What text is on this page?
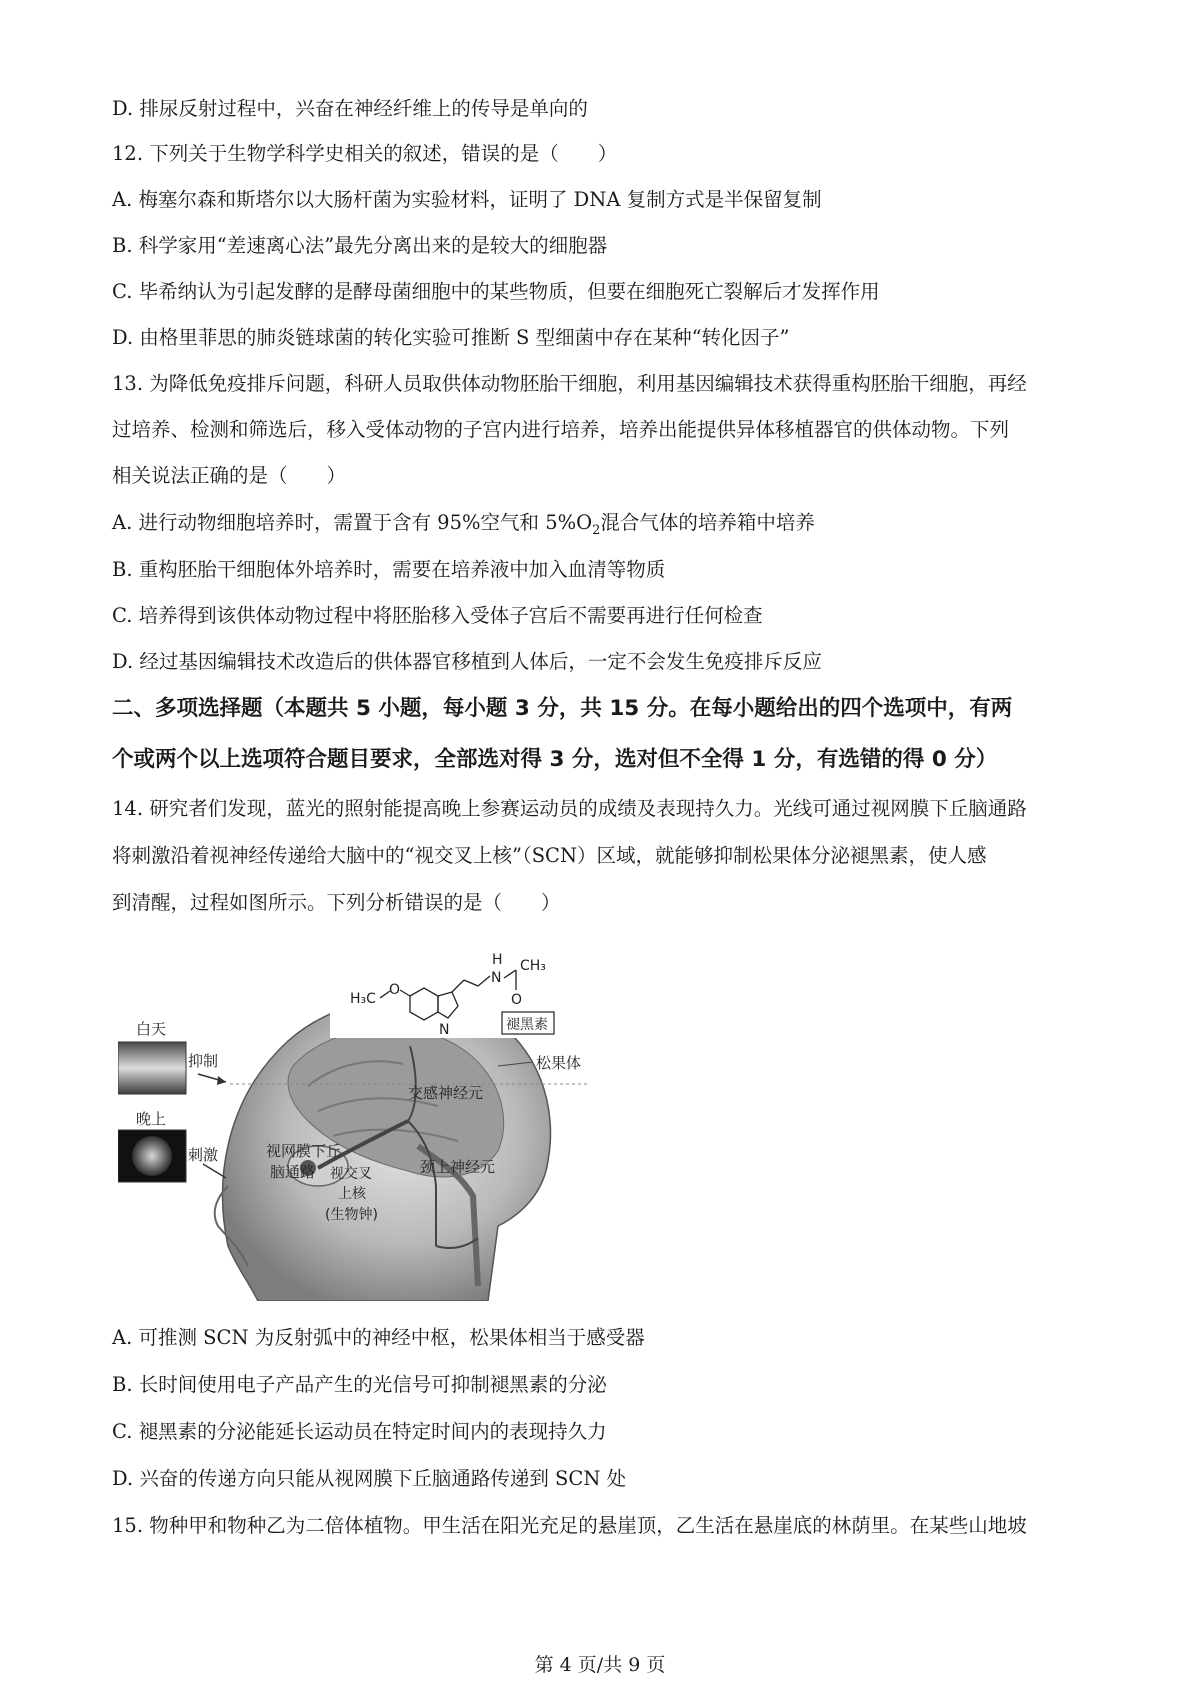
D. 排尿反射过程中，兴奋在神经纤维上的传导是单向的
12. 下列关于生物学科学史相关的叙述，错误的是（　　）
A. 梅塞尔森和斯塔尔以大肠杆菌为实验材料，证明了 DNA 复制方式是半保留复制
B. 科学家用“差速离心法”最先分离出来的是较大的细胞器
C. 毕希纳认为引起发酵的是酵母菌细胞中的某些物质，但要在细胞死亡裂解后才发挥作用
D. 由格里菲思的肺炎链球菌的转化实验可推断 S 型细菌中存在某种“转化因子”
13. 为降低免疫排斥问题，科研人员取供体动物胚胎干细胞，利用基因编辑技术获得重构胚胎干细胞，再经
过培养、检测和筛选后，移入受体动物的子宫内进行培养，培养出能提供异体移植器官的供体动物。下列
相关说法正确的是（　　）
A. 进行动物细胞培养时，需置于含有 95%空气和 $5\%O_2$混合气体的培养箱中培养
B. 重构胚胎干细胞体外培养时，需要在培养液中加入血清等物质
C. 培养得到该供体动物过程中将胚胎移入受体子宫后不需要再进行任何检查
D. 经过基因编辑技术改造后的供体器官移植到人体后，一定不会发生免疫排斥反应
二、多项选择题（本题共 5 小题，每小题 3 分，共 15 分。在每小题给出的四个选项中，有两
个或两个以上选项符合题目要求，全部选对得 3 分，选对但不全得 1 分，有选错的得 0 分）
14. 研究者们发现，蓝光的照射能提高晚上参赛运动员的成绩及表现持久力。光线可通过视网膜下丘脑通路
将刺激沿着视神经传递给大脑中的“视交叉上核”（SCN）区域，就能够抑制松果体分泌褪黑素，使人感
到清醒，过程如图所示。下列分析错误的是（　　）
H₃C
O
N
N
H
O
CH₃
褪黑素
松果体
白天
抑制
交感神经元
晚上
刺激	视网膜下丘
脑通路 视交叉
上核
(生物钟)
颈上神经元
A. 可推测 SCN 为反射弧中的神经中枢，松果体相当于感受器
B. 长时间使用电子产品产生的光信号可抑制褪黑素的分泌
C. 褪黑素的分泌能延长运动员在特定时间内的表现持久力
D. 兴奋的传递方向只能从视网膜下丘脑通路传递到 SCN 处
15. 物种甲和物种乙为二倍体植物。甲生活在阳光充足的悬崖顶，乙生活在悬崖底的林荫里。在某些山地坡
第 4 页/共 9 页
